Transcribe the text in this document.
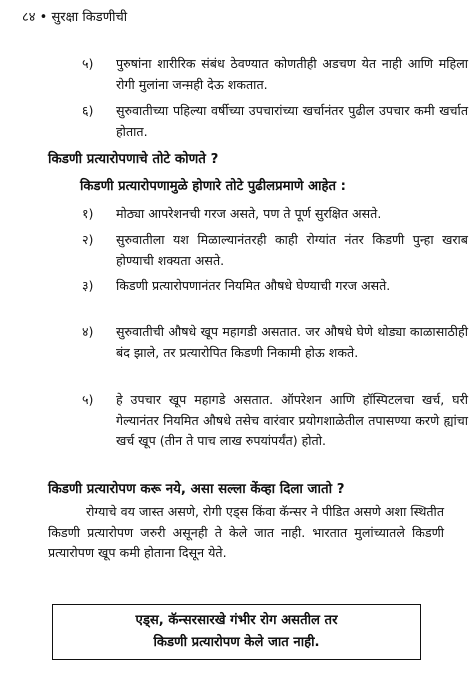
८४ • सुरक्षा किडणीची
५)	पुरुषांना शारीरिक संबंध ठेवण्यात कोणतीही अडचण येत नाही आणि महिला रोगी मुलांना जन्म़ही देऊ शकतात.
६)	सुरुवातीच्या पहिल्या वर्षीच्या उपचारांच्या खर्चानंतर पुढील उपचार कमी खर्चात होतात.
किडणी प्रत्यारोपणाचे तोटे कोणते ?
किडणी प्रत्यारोपणामुळे होणारे तोटे पुढीलप्रमाणे आहेत :
१)	मोठ्या आपरेशनची गरज असते, पण ते पूर्ण सुरक्षित असते.
२)	सुरुवातीला यश मिळाल्यानंतरही काही रोग्यांत नंतर किडणी पुन्हा खराब होण्याची शक्यता असते.
३)	किडणी प्रत्यारोपणानंतर नियमित औषधे घेण्याची गरज असते.
४)	सुरुवातीची औषधे खूप महागडी असतात. जर औषधे घेणे थोड्या काळासाठीही बंद झाले, तर प्रत्यारोपित किडणी निकामी होऊ शकते.
५)	हे उपचार खूप महागडे असतात. ऑपरेशन आणि हॉस्पिटलचा खर्च, घरी गेल्यानंतर नियमित औषधे तसेच वारंवार प्रयोगशाळेतील तपासण्या करणे ह्यांचा खर्च खूप (तीन ते पाच लाख रुपयांपर्यंत) होतो.
किडणी प्रत्यारोपण करू नये, असा सल्ला केंव्हा दिला जातो ?
रोग्याचे वय जास्त असणे, रोगी एड्स किंवा कॅन्सर ने पीडित असणे अशा स्थितीत किडणी प्रत्यारोपण जरुरी असूनही ते केले जात नाही. भारतात मुलांच्यातले किडणी प्रत्यारोपण खूप कमी होताना दिसून येते.
एड्स, कॅन्सरसारखे गंभीर रोग असतील तर
किडणी प्रत्यारोपण केले जात नाही.
